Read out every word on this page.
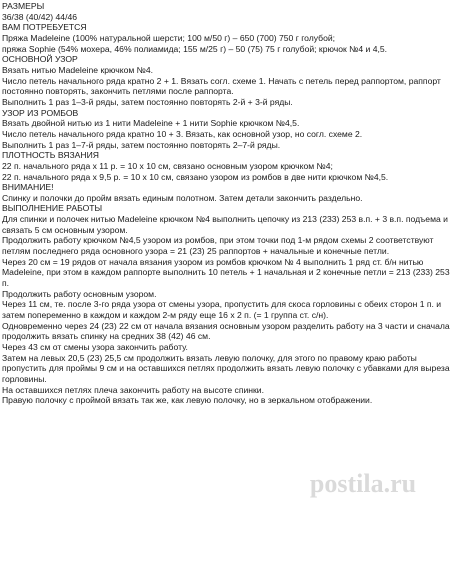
РАЗМЕРЫ

36/38 (40/42) 44/46

ВАМ ПОТРЕБУЕТСЯ

Пряжа Madeleine (100% натуральной шерсти; 100 м/50 г) – 650 (700) 750 г голубой;

пряжа Sophie (54% мохера, 46% полиамида; 155 м/25 г) – 50 (75) 75 г голубой; крючок №4 и 4,5.

ОСНОВНОЙ УЗОР

Вязать нитью Madeleine крючком №4.

Число петель начального ряда кратно 2 + 1. Вязать согл. схеме 1. Начать с петель перед раппортом, раппорт постоянно повторять, закончить петлями после раппорта.

Выполнить 1 раз 1–3-й ряды, затем постоянно повторять 2-й + 3-й ряды.

УЗОР ИЗ РОМБОВ

Вязать двойной нитью из 1 нити Madeleine + 1 нити Sophie крючком №4,5.

Число петель начального ряда кратно 10 + 3. Вязать, как основной узор, но согл. схеме 2.

Выполнить 1 раз 1–7-й ряды, затем постоянно повторять 2–7-й ряды.

ПЛОТНОСТЬ ВЯЗАНИЯ

22 п. начального ряда х 11 р. = 10 х 10 см, связано основным узором крючком №4;

22 п. начального ряда х 9,5 р. = 10 х 10 см, связано узором из ромбов в две нити крючком №4,5.

ВНИМАНИЕ!

Спинку и полочки до пройм вязать единым полотном. Затем детали закончить раздельно.

ВЫПОЛНЕНИЕ РАБОТЫ

Для спинки и полочек нитью Madeleine крючком №4 выполнить цепочку из 213 (233) 253 в.п. + 3 в.п. подъема и связать 5 см основным узором.

Продолжить работу крючком №4,5 узором из ромбов, при этом точки под 1-м рядом схемы 2 соответствуют петлям последнего ряда основного узора = 21 (23) 25 раппортов + начальные и конечные петли.

Через 20 см = 19 рядов от начала вязания узором из ромбов крючком № 4 выполнить 1 ряд ст. б/н нитью Madeleine, при этом в каждом раппорте выполнить 10 петель + 1 начальная и 2 конечные петли = 213 (233) 253 п.

Продолжить работу основным узором.

Через 11 см, те. после 3-го ряда узора от смены узора, пропустить для скоса горловины с обеих сторон 1 п. и затем попеременно в каждом и каждом 2-м ряду еще 16 х 2 п. (= 1 группа ст. с/н).

Одновременно через 24 (23) 22 см от начала вязания основным узором разделить работу на 3 части и сначала продолжить вязать спинку на средних 38 (42) 46 см.

Через 43 см от смены узора закончить работу.

Затем на левых 20,5 (23) 25,5 см продолжить вязать левую полочку, для этого по правому краю работы пропустить для проймы 9 см и на оставшихся петлях продолжить вязать левую полочку с убавками для выреза горловины.

На оставшихся петлях плеча закончить работу на высоте спинки.

Правую полочку с проймой вязать так же, как левую полочку, но в зеркальном отображении.

postila.ru
